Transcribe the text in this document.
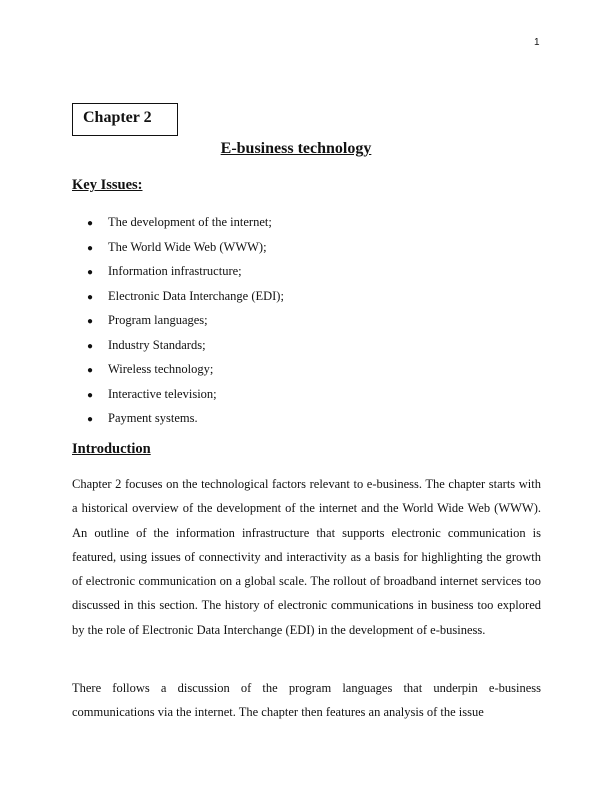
1
Chapter 2
E-business technology
Key Issues:
● The development of the internet;
● The World Wide Web (WWW);
● Information infrastructure;
● Electronic Data Interchange (EDI);
● Program languages;
● Industry Standards;
● Wireless technology;
● Interactive television;
● Payment systems.
Introduction

Chapter 2 focuses on the technological factors relevant to e-business. The chapter starts with a historical overview of the development of the internet and the World Wide Web (WWW). An outline of the information infrastructure that supports electronic communication is featured, using issues of connectivity and interactivity as a basis for highlighting the growth of electronic communication on a global scale. The rollout of broadband internet services too discussed in this section. The history of electronic communications in business too explored by the role of Electronic Data Interchange (EDI) in the development of e-business.

There follows a discussion of the program languages that underpin e-business communications via the internet. The chapter then features an analysis of the issue
